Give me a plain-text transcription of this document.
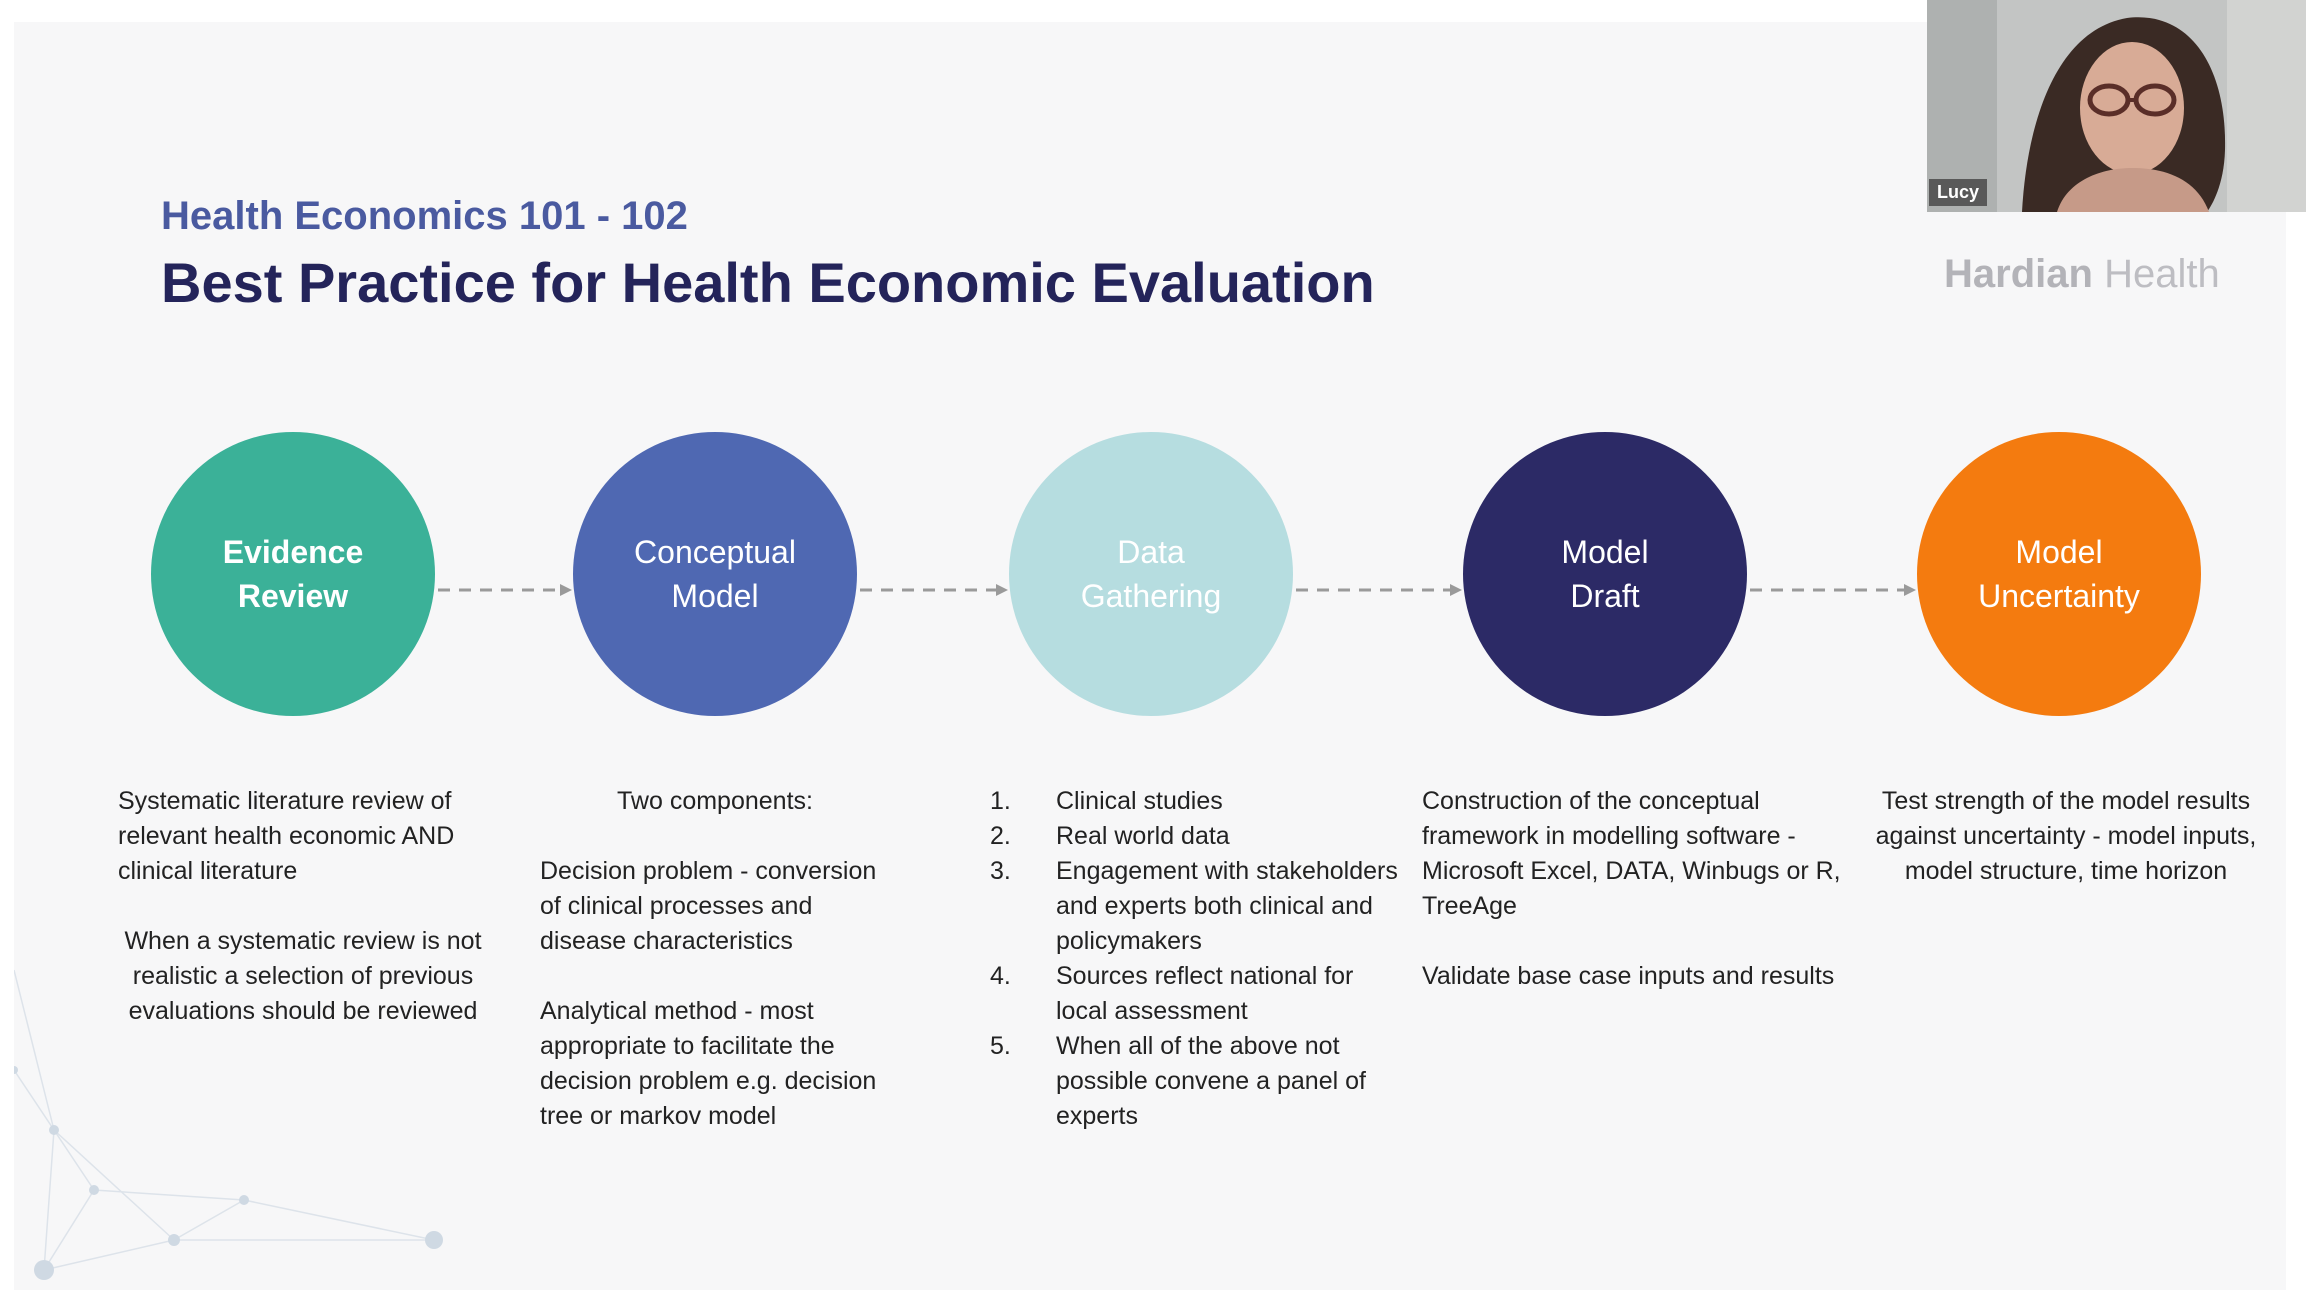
Health Economics 101 - 102
Best Practice for Health Economic Evaluation	Hardian Health
Evidence
Review
Conceptual
Model
Data
Gathering
Model
Draft
Model
Uncertainty

Systematic literature review of relevant health economic AND clinical literature

When a systematic review is not realistic a selection of previous evaluations should be reviewed

Two components:

Decision problem - conversion of clinical processes and disease characteristics

Analytical method - most appropriate to facilitate the decision problem e.g. decision tree or markov model

1. Clinical studies
2. Real world data
3. Engagement with stakeholders and experts both clinical and policymakers
4. Sources reflect national for local assessment
5. When all of the above not possible convene a panel of experts

Construction of the conceptual framework in modelling software - Microsoft Excel, DATA, Winbugs or R, TreeAge

Validate base case inputs and results

Test strength of the model results against uncertainty - model inputs, model structure, time horizon

Lucy
